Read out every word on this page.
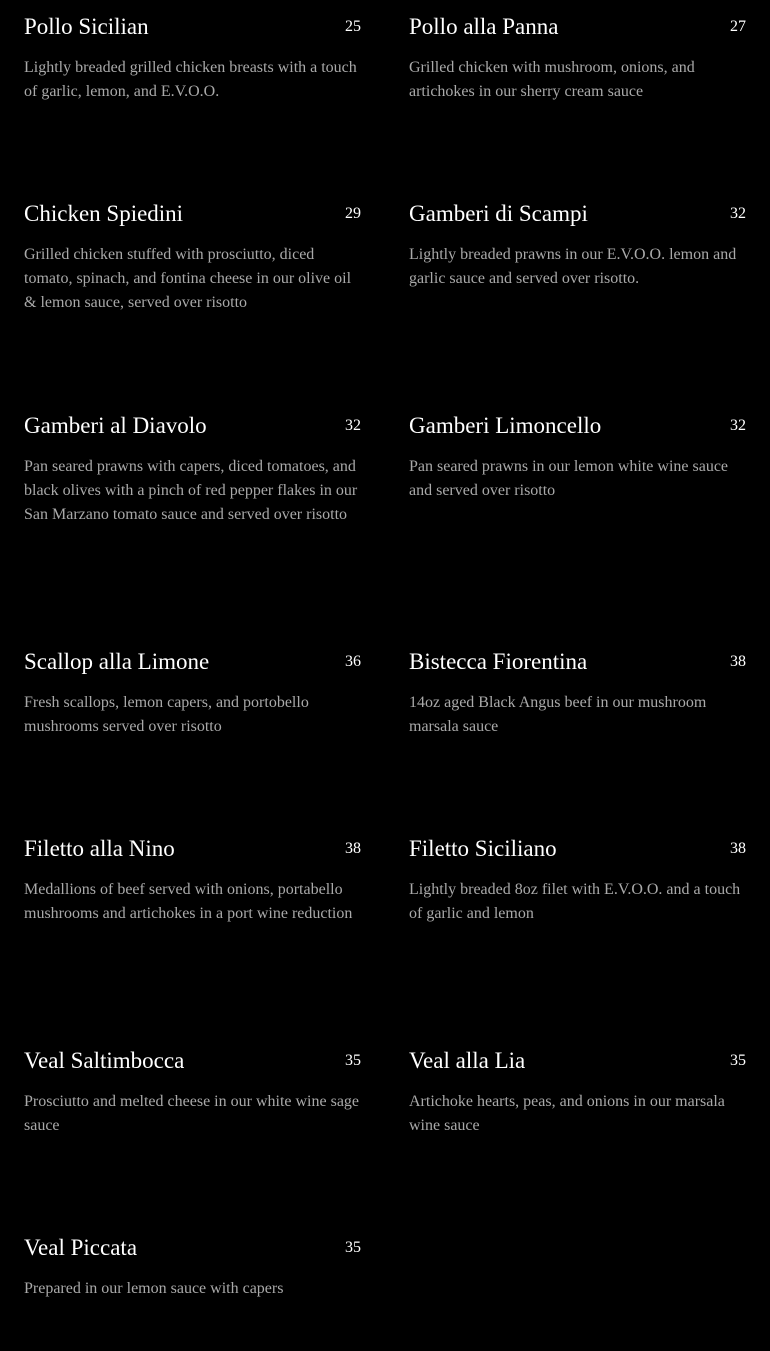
Pollo Sicilian	25
Lightly breaded grilled chicken breasts with a touch of garlic, lemon, and E.V.O.O.
Pollo alla Panna	27
Grilled chicken with mushroom, onions, and artichokes in our sherry cream sauce
Chicken Spiedini	29
Grilled chicken stuffed with prosciutto, diced tomato, spinach, and fontina cheese in our olive oil & lemon sauce, served over risotto
Gamberi di Scampi	32
Lightly breaded prawns in our E.V.O.O. lemon and garlic sauce and served over risotto.
Gamberi al Diavolo	32
Pan seared prawns with capers, diced tomatoes, and black olives with a pinch of red pepper flakes in our San Marzano tomato sauce and served over risotto
Gamberi Limoncello	32
Pan seared prawns in our lemon white wine sauce and served over risotto
Scallop alla Limone	36
Fresh scallops, lemon capers, and portobello mushrooms served over risotto
Bistecca Fiorentina	38
14oz aged Black Angus beef in our mushroom marsala sauce
Filetto alla Nino	38
Medallions of beef served with onions, portabello mushrooms and artichokes in a port wine reduction
Filetto Siciliano	38
Lightly breaded 8oz filet with E.V.O.O. and a touch of garlic and lemon
Veal Saltimbocca	35
Prosciutto and melted cheese in our white wine sage sauce
Veal alla Lia	35
Artichoke hearts, peas, and onions in our marsala wine sauce
Veal Piccata	35
Prepared in our lemon sauce with capers
